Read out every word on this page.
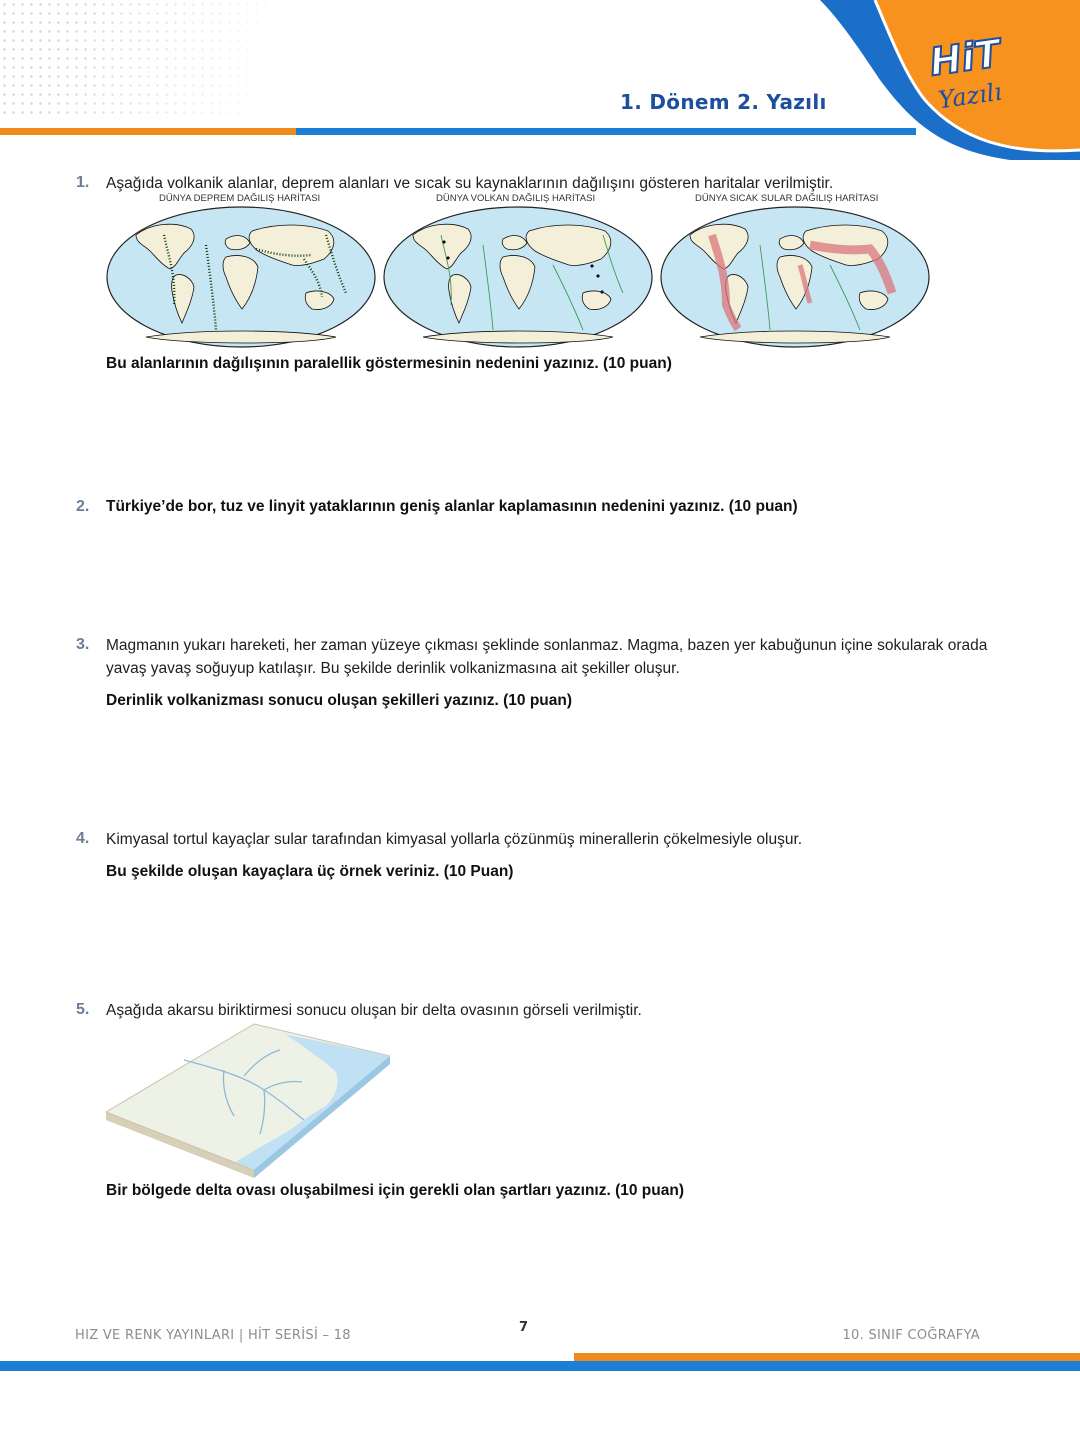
HiT
Yazılı
1. Dönem 2. Yazılı
1. Aşağıda volkanik alanlar, deprem alanları ve sıcak su kaynaklarının dağılışını gösteren haritalar verilmiştir.
DÜNYA DEPREM DAĞILIŞ HARİTASI	DÜNYA VOLKAN DAĞILIŞ HARİTASI	DÜNYA SICAK SULAR DAĞILIŞ HARİTASI
Bu alanlarının dağılışının paralellik göstermesinin nedenini yazınız. (10 puan)
2. Türkiye’de bor, tuz ve linyit yataklarının geniş alanlar kaplamasının nedenini yazınız. (10 puan)
3. Magmanın yukarı hareketi, her zaman yüzeye çıkması şeklinde sonlanmaz. Magma, bazen yer kabuğunun içine sokularak orada yavaş yavaş soğuyup katılaşır. Bu şekilde derinlik volkanizmasına ait şekiller oluşur.
Derinlik volkanizması sonucu oluşan şekilleri yazınız. (10 puan)
4. Kimyasal tortul kayaçlar sular tarafından kimyasal yollarla çözünmüş minerallerin çökelmesiyle oluşur.
Bu şekilde oluşan kayaçlara üç örnek veriniz. (10 Puan)
5. Aşağıda akarsu biriktirmesi sonucu oluşan bir delta ovasının görseli verilmiştir.
Bir bölgede delta ovası oluşabilmesi için gerekli olan şartları yazınız. (10 puan)
HIZ VE RENK YAYINLARI | HİT SERİSİ – 18
7
10. SINIF COĞRAFYA
